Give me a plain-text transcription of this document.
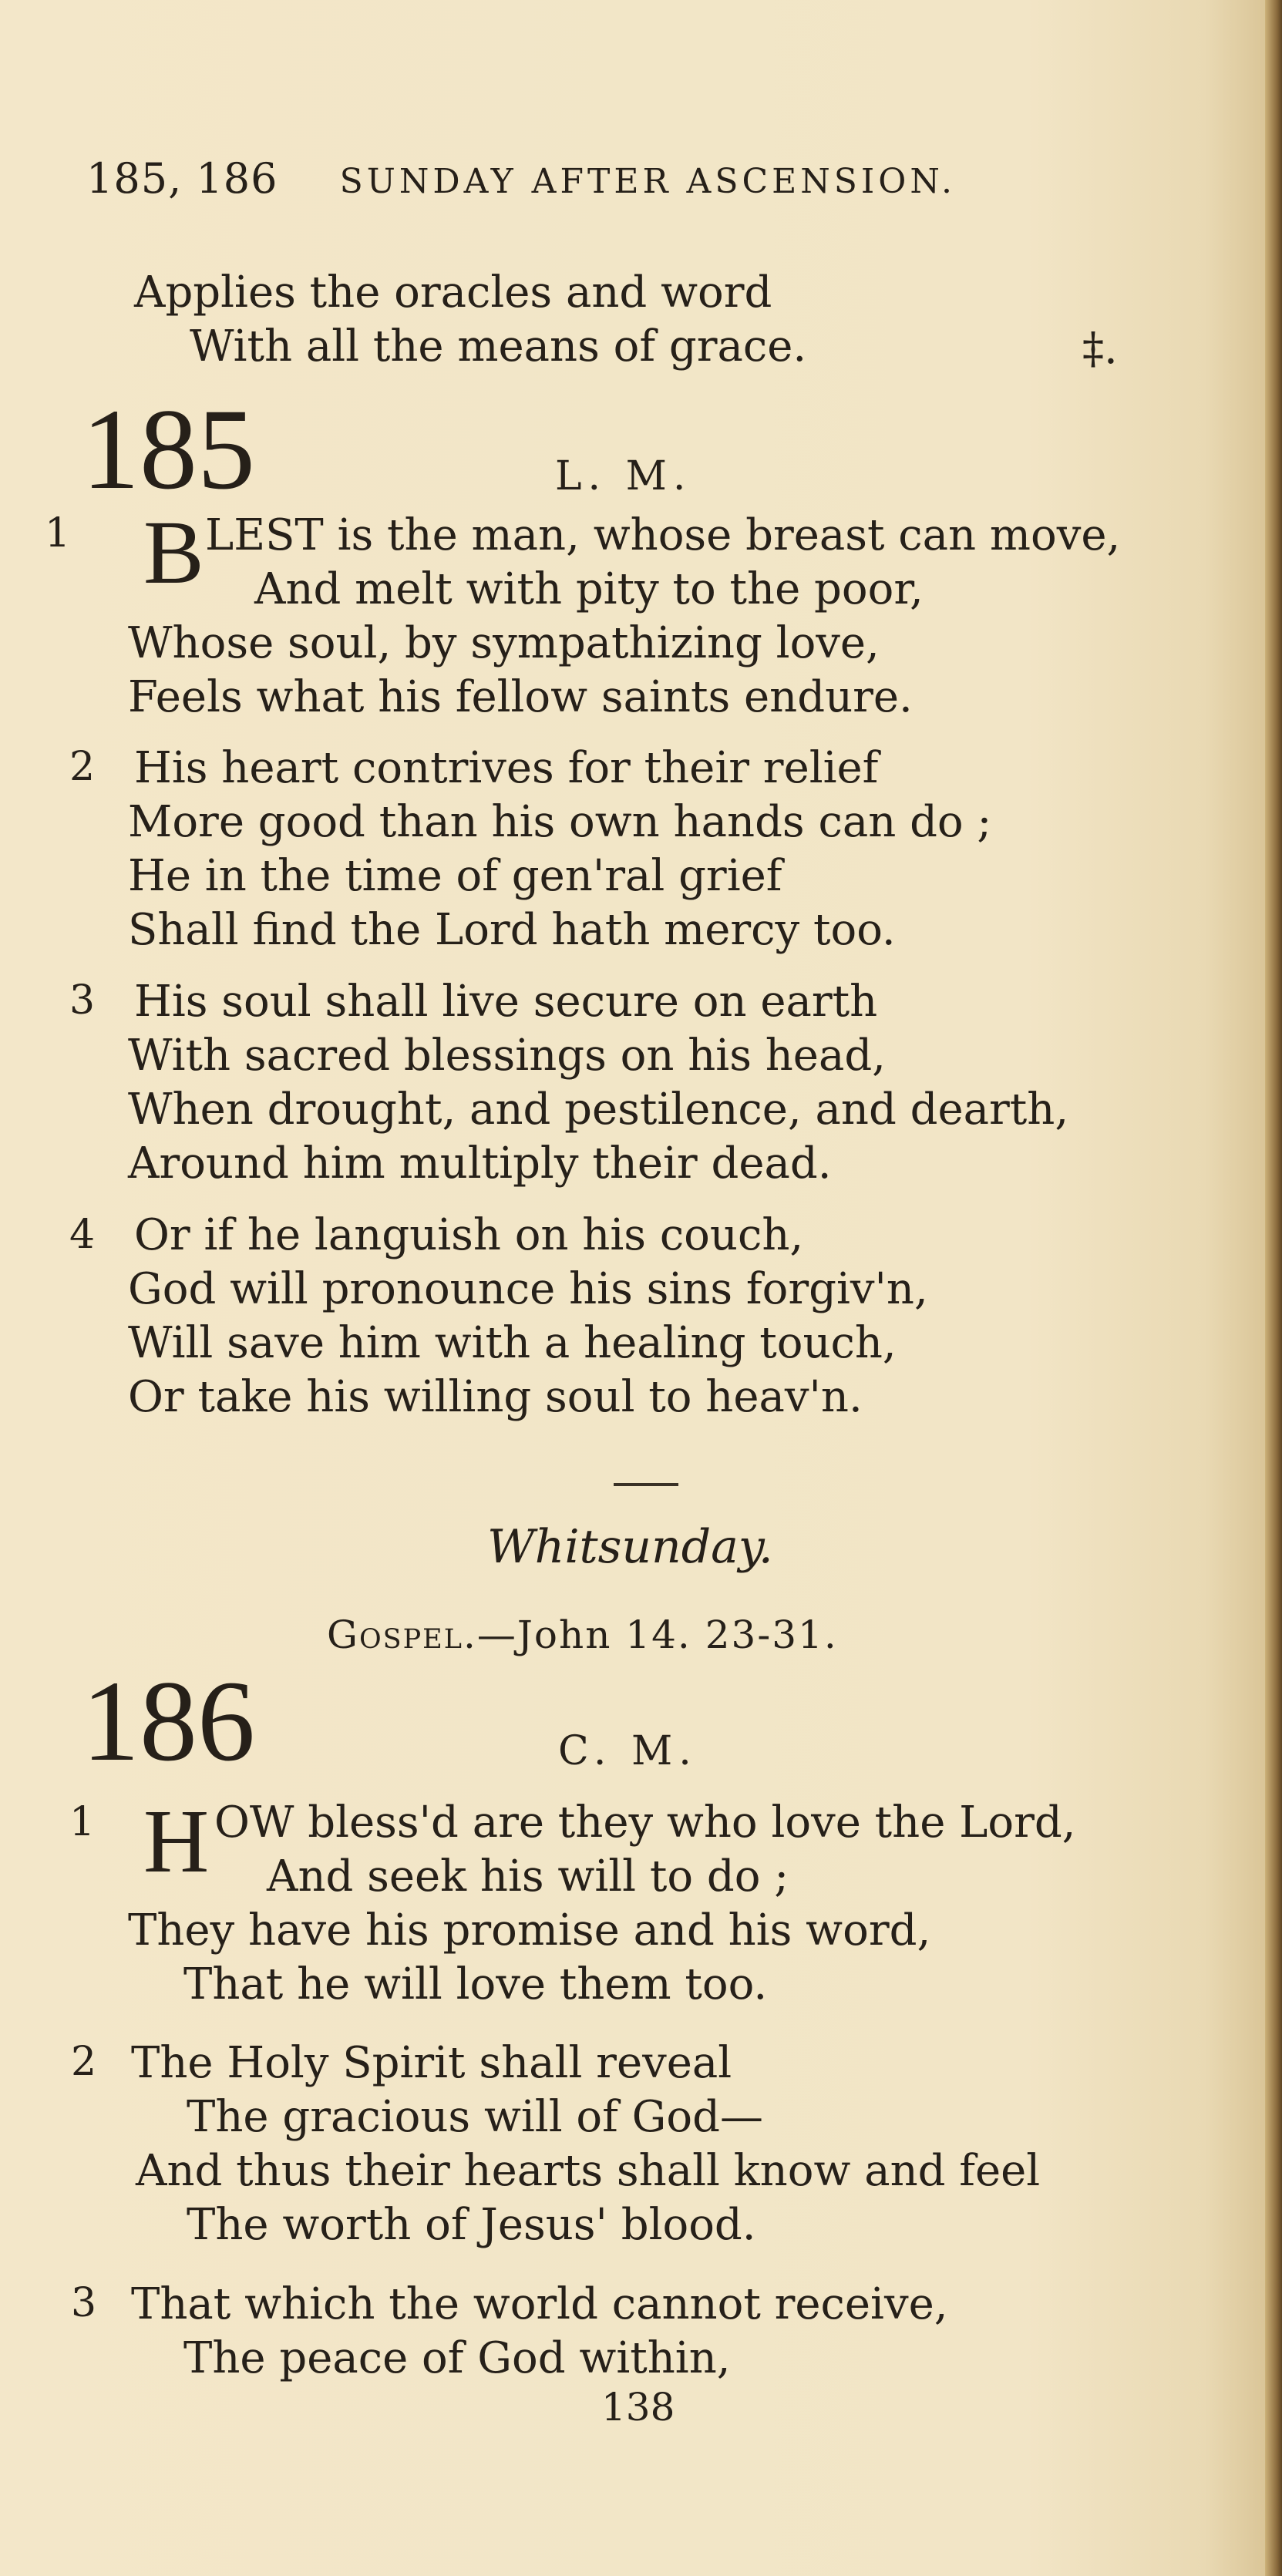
185, 186 SUNDAY AFTER ASCENSION.
Applies the oracles and word
With all the means of grace.	‡.
185	L. M.
1 B LEST is the man, whose breast can move,
And melt with pity to the poor,
Whose soul, by sympathizing love,
Feels what his fellow saints endure.
2 His heart contrives for their relief
More good than his own hands can do ;
He in the time of gen'ral grief
Shall find the Lord hath mercy too.
3 His soul shall live secure on earth
With sacred blessings on his head,
When drought, and pestilence, and dearth,
Around him multiply their dead.
4 Or if he languish on his couch,
God will pronounce his sins forgiv'n,
Will save him with a healing touch,
Or take his willing soul to heav'n.
Whitsunday.
Gospel.—John 14. 23-31.
186	C. M.
1 H OW bless'd are they who love the Lord,
And seek his will to do ;
They have his promise and his word,
That he will love them too.
2 The Holy Spirit shall reveal
The gracious will of God—
And thus their hearts shall know and feel
The worth of Jesus' blood.
3 That which the world cannot receive,
The peace of God within,
138
